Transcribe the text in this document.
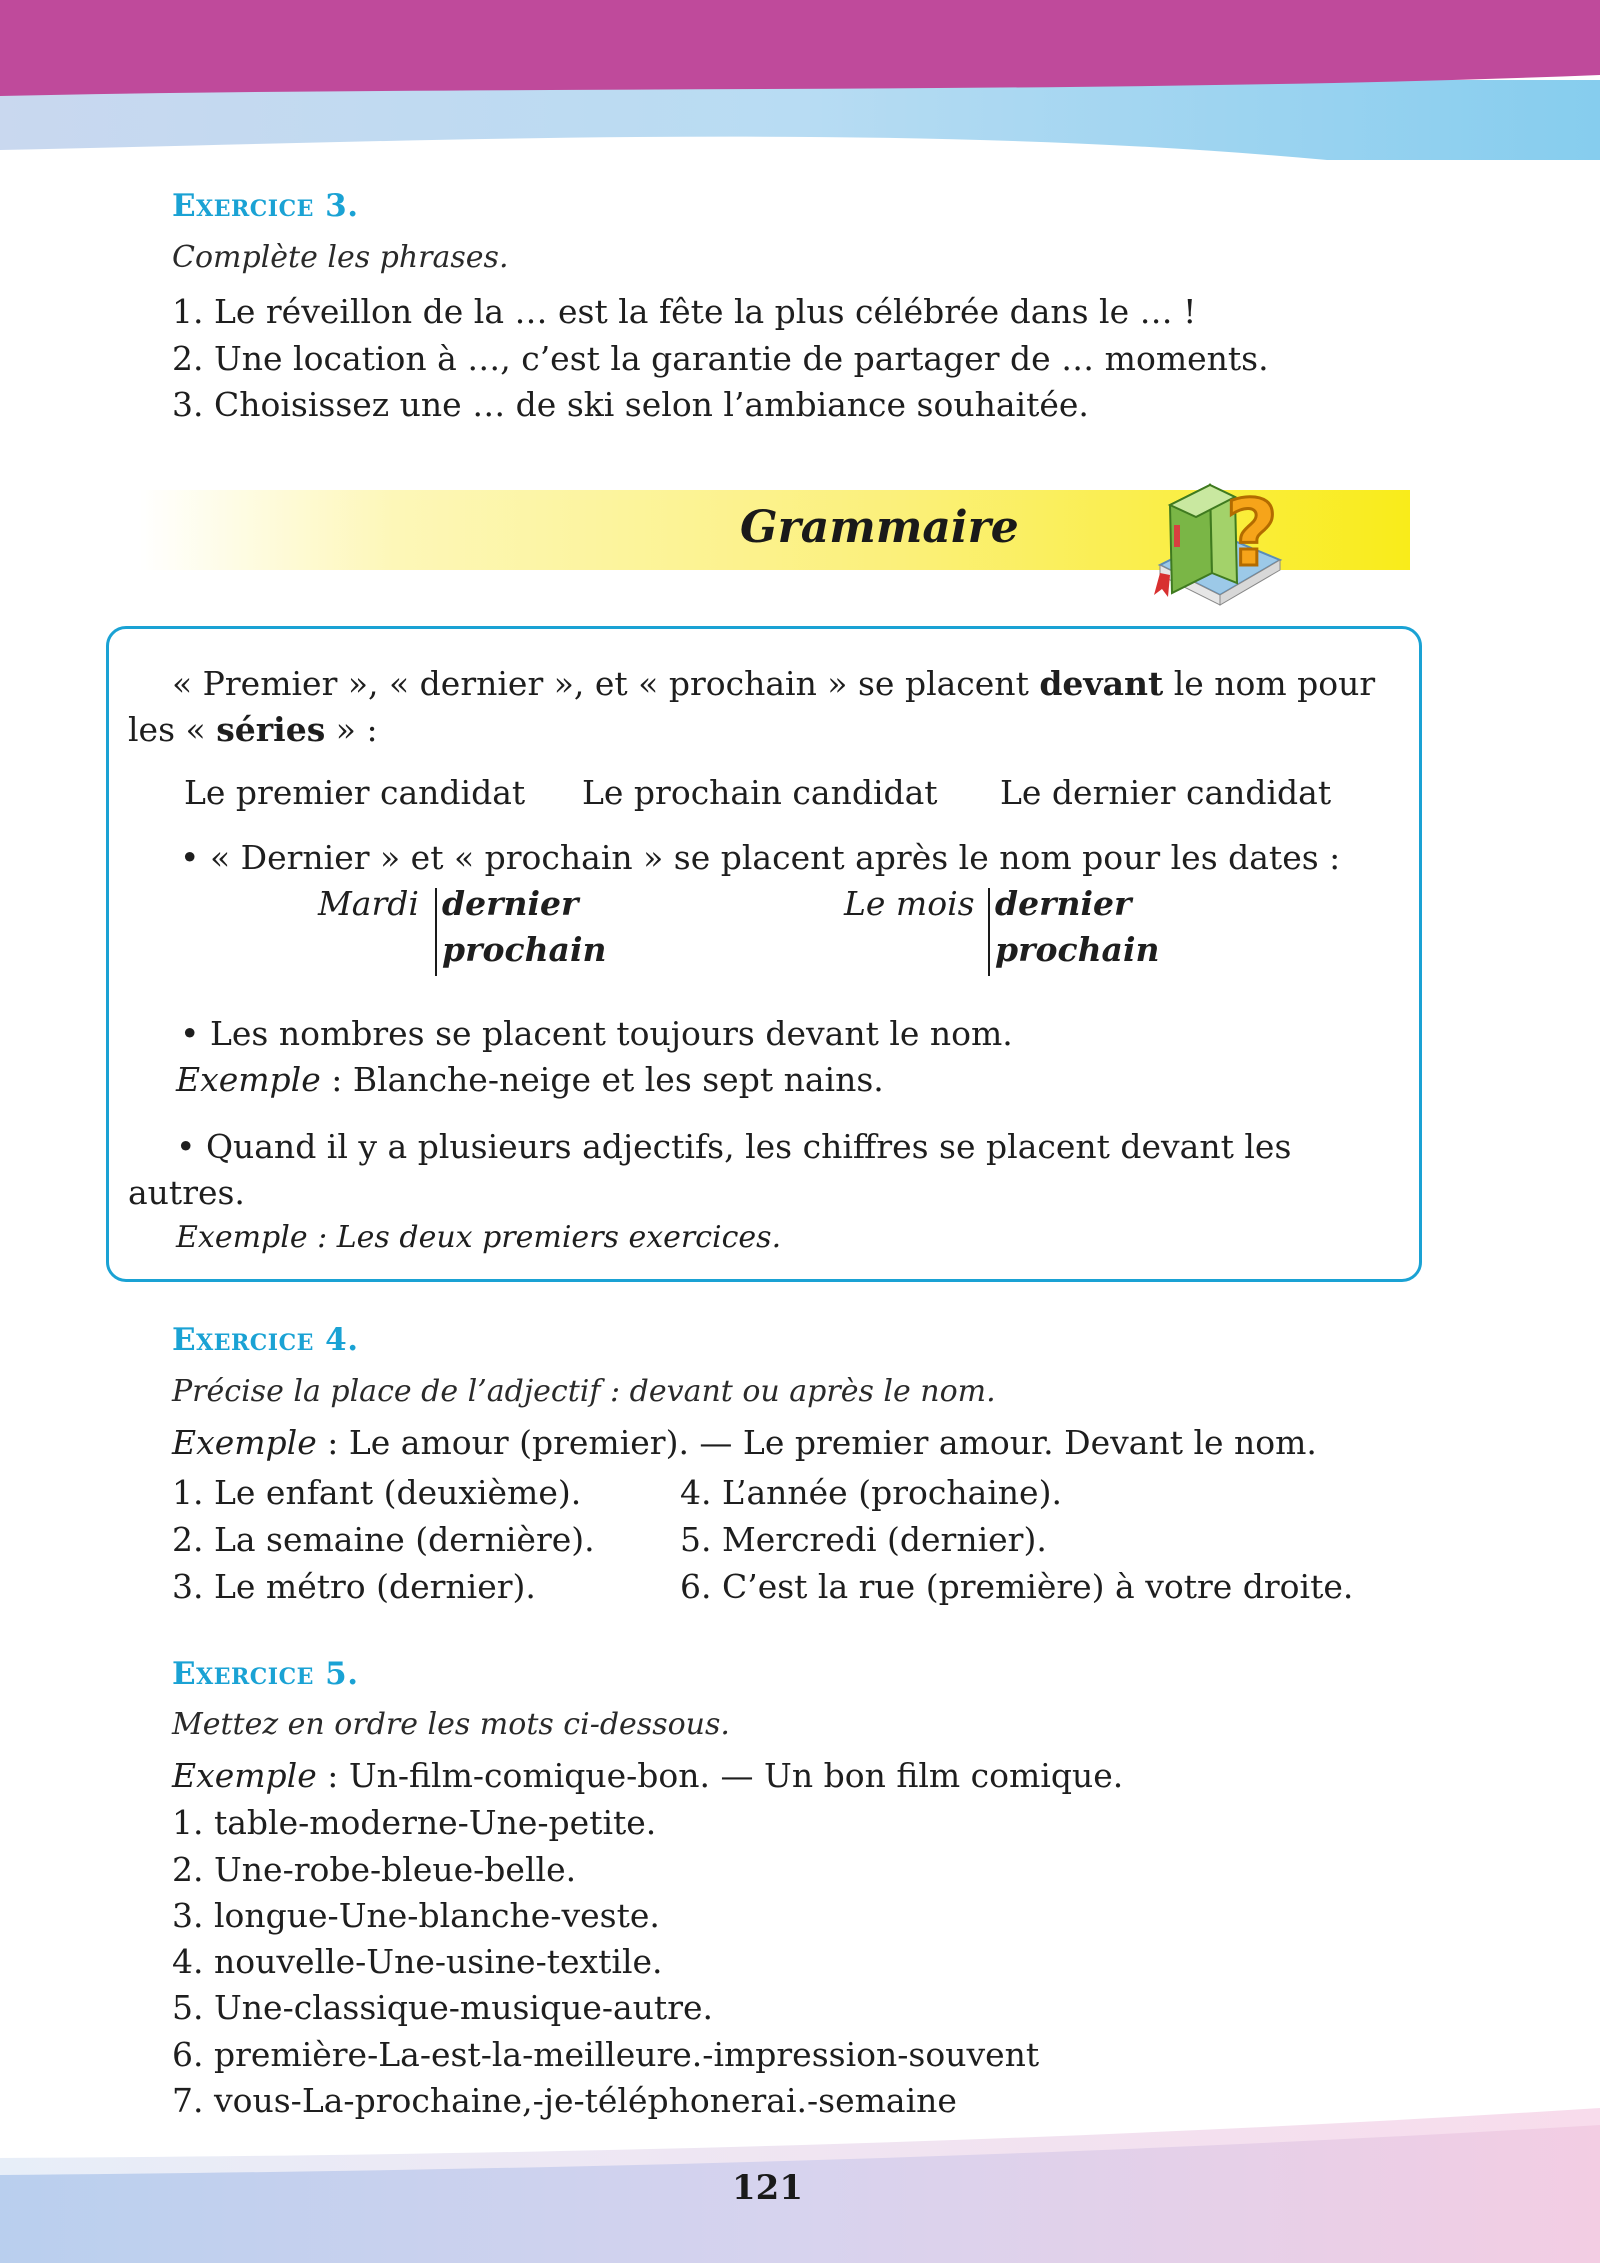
Exercice 3.
Complète les phrases.
1. Le réveillon de la … est la fête la plus célébrée dans le … !
2. Une location à …, c’est la garantie de partager de … moments.
3. Choisissez une … de ski selon l’ambiance souhaitée.
Grammaire ?
« Premier », « dernier », et « prochain » se placent devant le nom pour
les « séries » :
Le premier candidat Le prochain candidat Le dernier candidat
• « Dernier » et « prochain » se placent après le nom pour les dates :
Mardi dernier
prochain
Le mois dernier
prochain
• Les nombres se placent toujours devant le nom.
Exemple : Blanche-neige et les sept nains.
• Quand il y a plusieurs adjectifs, les chiffres se placent devant les
autres.
Exemple : Les deux premiers exercices.
Exercice 4.
Précise la place de l’adjectif : devant ou après le nom.
Exemple : Le amour (premier). — Le premier amour. Devant le nom.
1. Le enfant (deuxième).
2. La semaine (dernière).
3. Le métro (dernier).
4. L’année (prochaine).
5. Mercredi (dernier).
6. C’est la rue (première) à votre droite.
Exercice 5.
Mettez en ordre les mots ci-dessous.
Exemple : Un-film-comique-bon. — Un bon film comique.
1. table-moderne-Une-petite.
2. Une-robe-bleue-belle.
3. longue-Une-blanche-veste.
4. nouvelle-Une-usine-textile.
5. Une-classique-musique-autre.
6. première-La-est-la-meilleure.-impression-souvent
7. vous-La-prochaine,-je-téléphonerai.-semaine
121
